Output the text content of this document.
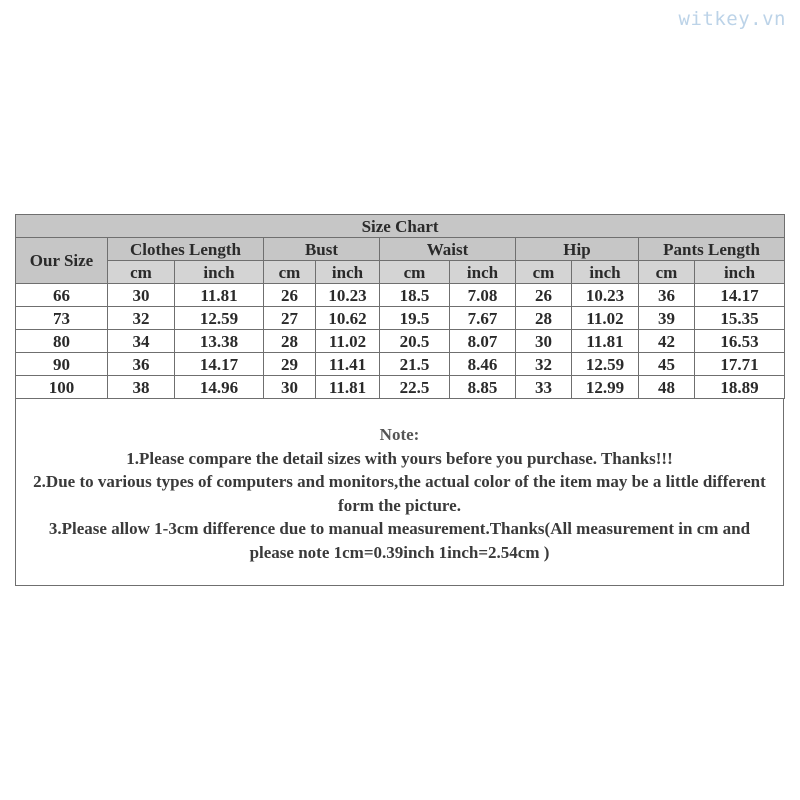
witkey.vn
Size Chart										
Our Size	Clothes Length		Bust		Waist		Hip		Pants Length	
	cm	inch	cm	inch	cm	inch	cm	inch	cm	inch
66	30	11.81	26	10.23	18.5	7.08	26	10.23	36	14.17
73	32	12.59	27	10.62	19.5	7.67	28	11.02	39	15.35
80	34	13.38	28	11.02	20.5	8.07	30	11.81	42	16.53
90	36	14.17	29	11.41	21.5	8.46	32	12.59	45	17.71
100	38	14.96	30	11.81	22.5	8.85	33	12.99	48	18.89
Note:
1.Please compare the detail sizes with yours before you purchase. Thanks!!!
2.Due to various types of computers and monitors,the actual color of the item may be a little different form the picture.
3.Please allow 1-3cm difference due to manual measurement.Thanks(All measurement in cm and please note 1cm=0.39inch 1inch=2.54cm )
